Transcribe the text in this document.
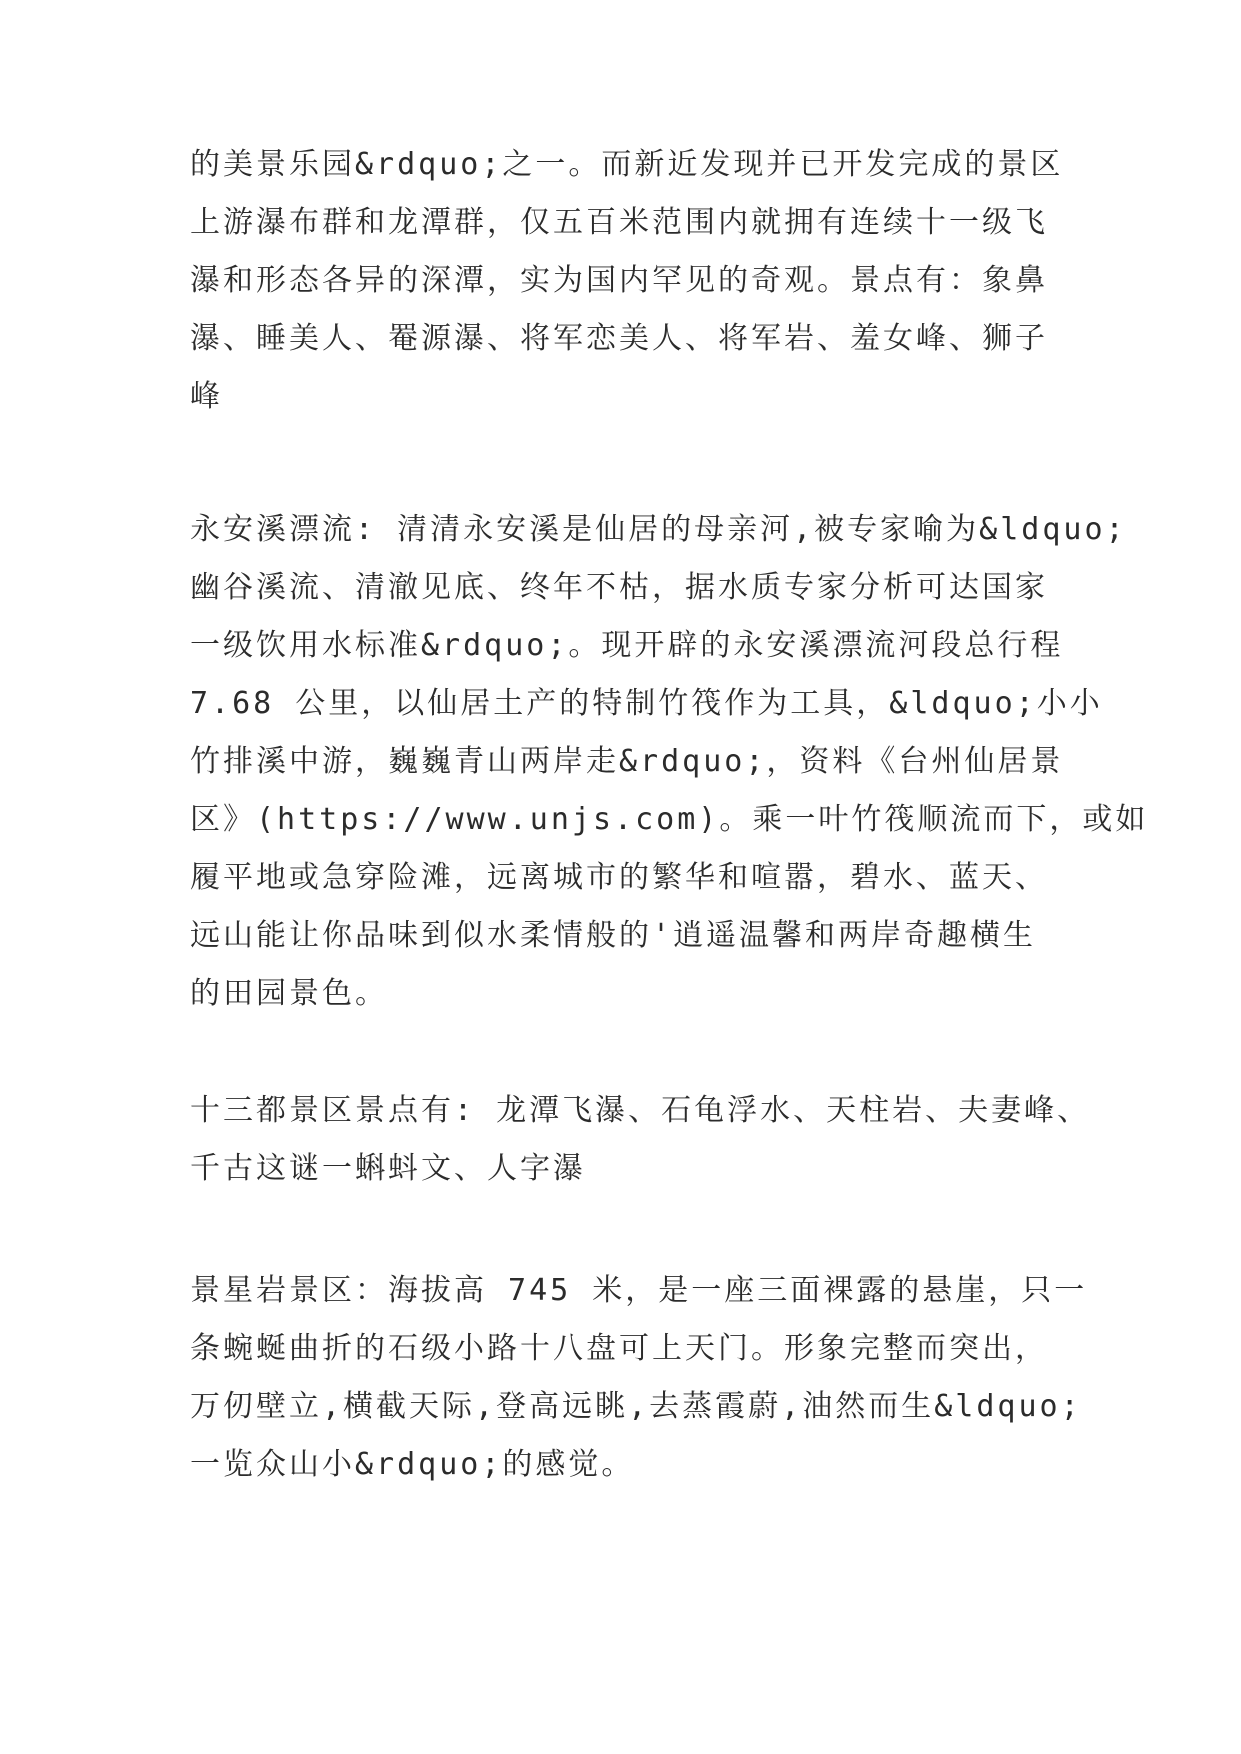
的美景乐园&rdquo;之一。而新近发现并已开发完成的景区
上游瀑布群和龙潭群，仅五百米范围内就拥有连续十一级飞
瀑和形态各异的深潭，实为国内罕见的奇观。景点有：象鼻
瀑、睡美人、罨源瀑、将军恋美人、将军岩、羞女峰、狮子
峰
永安溪漂流: 清清永安溪是仙居的母亲河,被专家喻为&ldquo;
幽谷溪流、清澈见底、终年不枯，据水质专家分析可达国家
一级饮用水标准&rdquo;。现开辟的永安溪漂流河段总行程
7.68 公里，以仙居土产的特制竹筏作为工具，&ldquo;小小
竹排溪中游，巍巍青山两岸走&rdquo;，资料《台州仙居景
区》(https://www.unjs.com)。乘一叶竹筏顺流而下，或如
履平地或急穿险滩，远离城市的繁华和喧嚣，碧水、蓝天、
远山能让你品味到似水柔情般的'逍遥温馨和两岸奇趣横生
的田园景色。
十三都景区景点有: 龙潭飞瀑、石龟浮水、天柱岩、夫妻峰、
千古这谜一蝌蚪文、人字瀑
景星岩景区：海拔高 745 米，是一座三面裸露的悬崖，只一
条蜿蜒曲折的石级小路十八盘可上天门。形象完整而突出，
万仞壁立,横截天际,登高远眺,去蒸霞蔚,油然而生&ldquo;
一览众山小&rdquo;的感觉。
